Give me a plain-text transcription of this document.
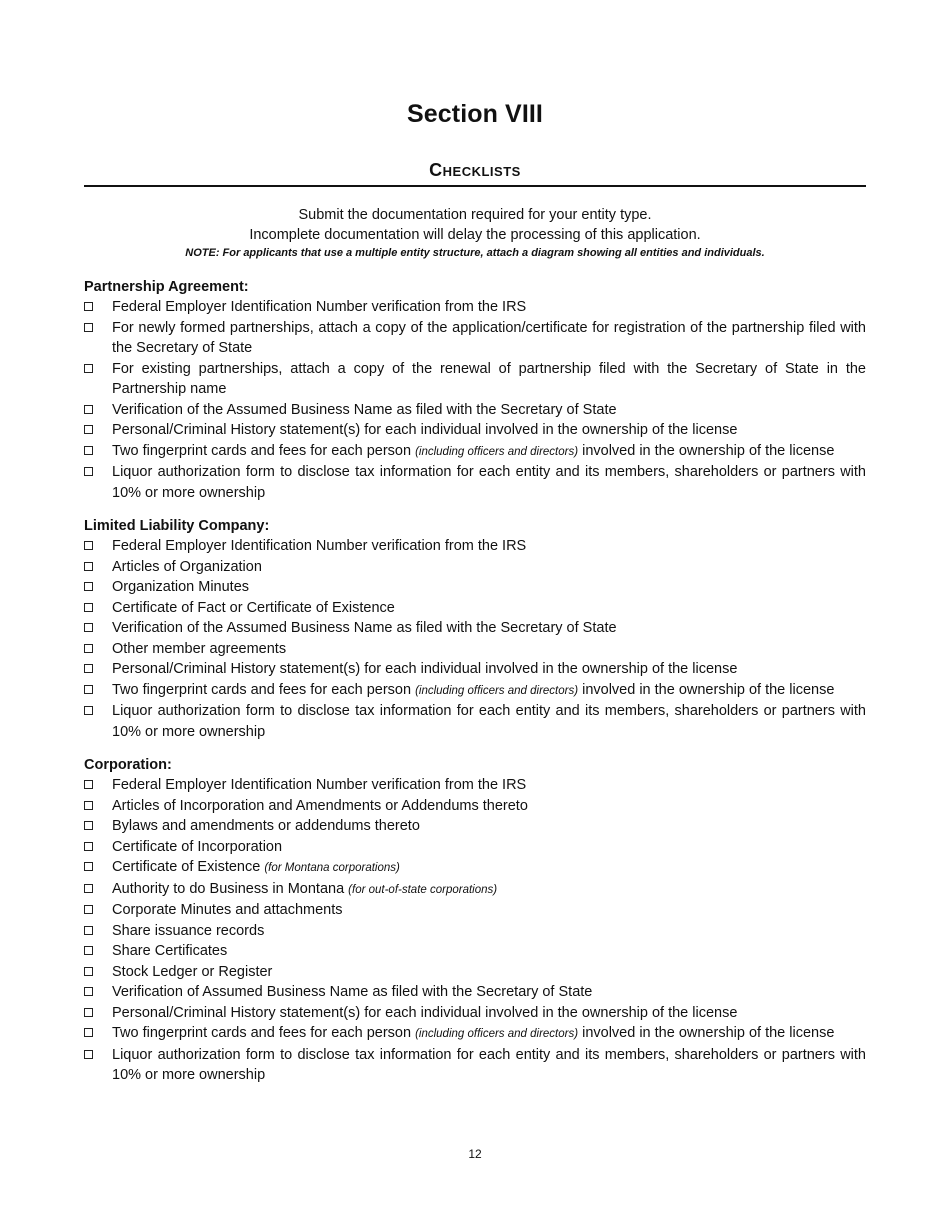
Section VIII
Checklists
Submit the documentation required for your entity type.
Incomplete documentation will delay the processing of this application.
NOTE: For applicants that use a multiple entity structure, attach a diagram showing all entities and individuals.
Partnership Agreement:
Federal Employer Identification Number verification from the IRS
For newly formed partnerships, attach a copy of the application/certificate for registration of the partnership filed with the Secretary of State
For existing partnerships, attach a copy of the renewal of partnership filed with the Secretary of State in the Partnership name
Verification of the Assumed Business Name as filed with the Secretary of State
Personal/Criminal History statement(s) for each individual involved in the ownership of the license
Two fingerprint cards and fees for each person (including officers and directors) involved in the ownership of the license
Liquor authorization form to disclose tax information for each entity and its members, shareholders or partners with 10% or more ownership
Limited Liability Company:
Federal Employer Identification Number verification from the IRS
Articles of Organization
Organization Minutes
Certificate of Fact or Certificate of Existence
Verification of the Assumed Business Name as filed with the Secretary of State
Other member agreements
Personal/Criminal History statement(s) for each individual involved in the ownership of the license
Two fingerprint cards and fees for each person (including officers and directors) involved in the ownership of the license
Liquor authorization form to disclose tax information for each entity and its members, shareholders or partners with 10% or more ownership
Corporation:
Federal Employer Identification Number verification from the IRS
Articles of Incorporation and Amendments or Addendums thereto
Bylaws and amendments or addendums thereto
Certificate of Incorporation
Certificate of Existence (for Montana corporations)
Authority to do Business in Montana (for out-of-state corporations)
Corporate Minutes and attachments
Share issuance records
Share Certificates
Stock Ledger or Register
Verification of Assumed Business Name as filed with the Secretary of State
Personal/Criminal History statement(s) for each individual involved in the ownership of the license
Two fingerprint cards and fees for each person (including officers and directors) involved in the ownership of the license
Liquor authorization form to disclose tax information for each entity and its members, shareholders or partners with 10% or more ownership
12
